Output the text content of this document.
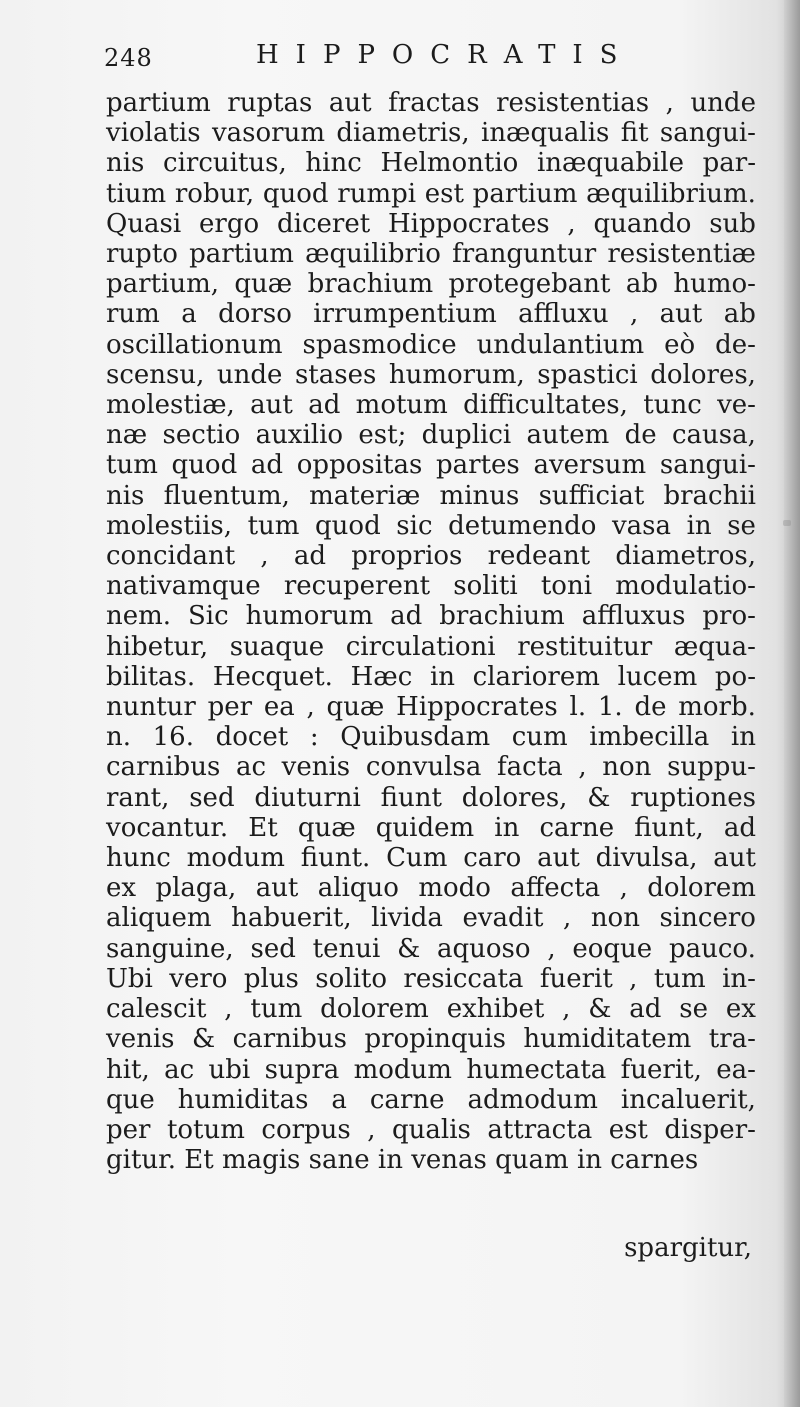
248	HIPPOCRATIS
partium ruptas aut fractas resistentias , unde
violatis vasorum diametris, inæqualis fit sangui-
nis circuitus, hinc Helmontio inæquabile par-
tium robur, quod rumpi est partium æquilibrium.
Quasi ergo diceret Hippocrates , quando sub
rupto partium æquilibrio franguntur resistentiæ
partium, quæ brachium protegebant ab humo-
rum a dorso irrumpentium affluxu , aut ab
oscillationum spasmodice undulantium eò de-
scensu, unde stases humorum, spastici dolores,
molestiæ, aut ad motum difficultates, tunc ve-
næ sectio auxilio est; duplici autem de causa,
tum quod ad oppositas partes aversum sangui-
nis fluentum, materiæ minus sufficiat brachii
molestiis, tum quod sic detumendo vasa in se
concidant , ad proprios redeant diametros,
nativamque recuperent soliti toni modulatio-
nem. Sic humorum ad brachium affluxus pro-
hibetur, suaque circulationi restituitur æqua-
bilitas. Hecquet. Hæc in clariorem lucem po-
nuntur per ea , quæ Hippocrates l. 1. de morb.
n. 16. docet : Quibusdam cum imbecilla in
carnibus ac venis convulsa facta , non suppu-
rant, sed diuturni fiunt dolores, & ruptiones
vocantur. Et quæ quidem in carne fiunt, ad
hunc modum fiunt. Cum caro aut divulsa, aut
ex plaga, aut aliquo modo affecta , dolorem
aliquem habuerit, livida evadit , non sincero
sanguine, sed tenui & aquoso , eoque pauco.
Ubi vero plus solito resiccata fuerit , tum in-
calescit , tum dolorem exhibet , & ad se ex
venis & carnibus propinquis humiditatem tra-
hit, ac ubi supra modum humectata fuerit, ea-
que humiditas a carne admodum incaluerit,
per totum corpus , qualis attracta est disper-
gitur. Et magis sane in venas quam in carnes
spargitur,
